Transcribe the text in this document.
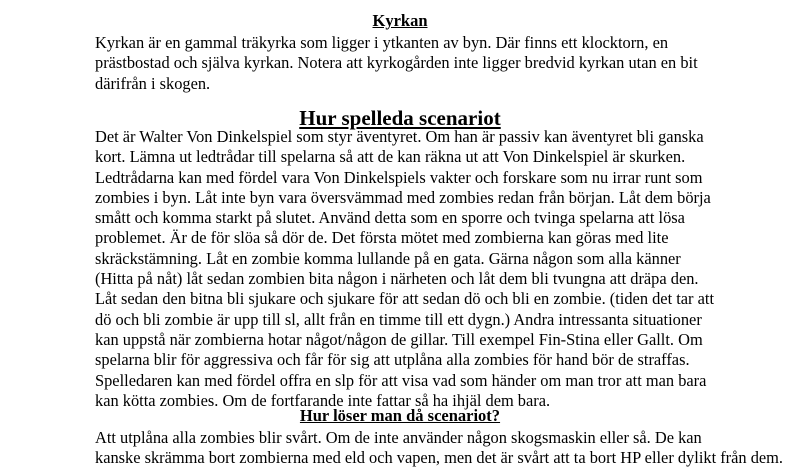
Kyrkan
Kyrkan är en gammal träkyrka som ligger i ytkanten av byn. Där finns ett klocktorn, en
prästbostad och själva kyrkan. Notera att kyrkogården inte ligger bredvid kyrkan utan en bit
därifrån i skogen.
Hur spelleda scenariot
Det är Walter Von Dinkelspiel som styr äventyret. Om han är passiv kan äventyret bli ganska
kort. Lämna ut ledtrådar till spelarna så att de kan räkna ut att Von Dinkelspiel är skurken.
Ledtrådarna kan med fördel vara Von Dinkelspiels vakter och forskare som nu irrar runt som
zombies i byn. Låt inte byn vara översvämmad med zombies redan från början. Låt dem börja
smått och komma starkt på slutet. Använd detta som en sporre och tvinga spelarna att lösa
problemet. Är de för slöa så dör de. Det första mötet med zombierna kan göras med lite
skräckstämning. Låt en zombie komma lullande på en gata. Gärna någon som alla känner
(Hitta på nåt) låt sedan zombien bita någon i närheten och låt dem bli tvungna att dräpa den.
Låt sedan den bitna bli sjukare och sjukare för att sedan dö och bli en zombie. (tiden det tar att
dö och bli zombie är upp till sl, allt från en timme till ett dygn.) Andra intressanta situationer
kan uppstå när zombierna hotar något/någon de gillar. Till exempel Fin-Stina eller Gallt. Om
spelarna blir för aggressiva och får för sig att utplåna alla zombies för hand bör de straffas.
Spelledaren kan med fördel offra en slp för att visa vad som händer om man tror att man bara
kan kötta zombies. Om de fortfarande inte fattar så ha ihjäl dem bara.
Hur löser man då scenariot?
Att utplåna alla zombies blir svårt. Om de inte använder någon skogsmaskin eller så. De kan
kanske skrämma bort zombierna med eld och vapen, men det är svårt att ta bort HP eller dylikt från dem.
